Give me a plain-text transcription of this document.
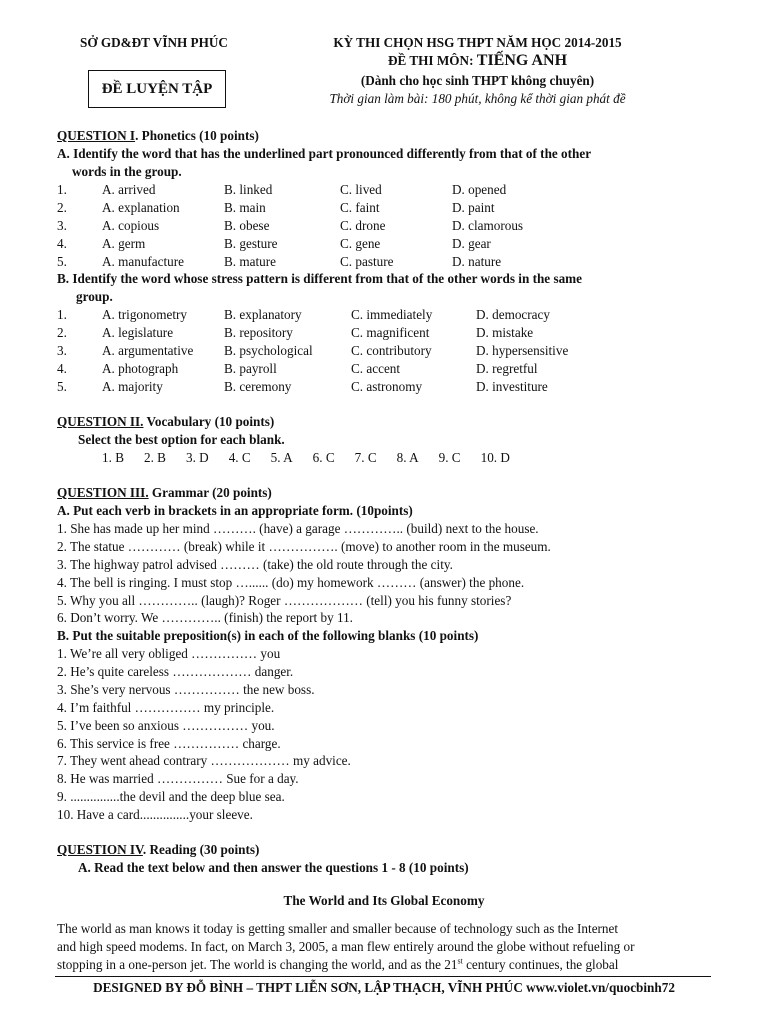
SỞ GD&ĐT VĨNH PHÚC
ĐỀ LUYỆN TẬP
KỲ THI CHỌN HSG THPT NĂM HỌC 2014-2015
ĐỀ THI MÔN: TIẾNG ANH
(Dành cho học sinh THPT không chuyên)
Thời gian làm bài: 180 phút, không kể thời gian phát đề
QUESTION I. Phonetics (10 points)
A. Identify the word that has the underlined part pronounced differently from that of the other
words in the group.
1.	A. arrived	B. linked	C. lived	D. opened
2.	A. explanation	B. main	C. faint	D. paint
3.	A. copious	B. obese	C. drone	D. clamorous
4.	A. germ	B. gesture	C. gene	D. gear
5.	A. manufacture	B. mature	C. pasture	D. nature
B. Identify the word whose stress pattern is different from that of the other words in the same
group.
1.	A. trigonometry	B. explanatory	C. immediately	D. democracy
2.	A. legislature	B. repository	C. magnificent	D. mistake
3.	A. argumentative B. psychological	C. contributory	D. hypersensitive
4.	A. photograph	B. payroll	C. accent	D. regretful
5.	A. majority	B. ceremony	C. astronomy	D. investiture
QUESTION II. Vocabulary (10 points)
Select the best option for each blank.
1. B 2. B 3. D 4. C 5. A 6. C 7. C 8. A 9. C 10. D
QUESTION III. Grammar (20 points)
A. Put each verb in brackets in an appropriate form. (10points)
1. She has made up her mind ………. (have) a garage ………….. (build) next to the house.
2. The statue ………… (break) while it ……………. (move) to another room in the museum.
3. The highway patrol advised ……… (take) the old route through the city.
4. The bell is ringing. I must stop …...... (do) my homework ……… (answer) the phone.
5. Why you all ………….. (laugh)? Roger ……………… (tell) you his funny stories?
6. Don’t worry. We ………….. (finish) the report by 11.
B. Put the suitable preposition(s) in each of the following blanks (10 points)
1. We’re all very obliged …………… you
2. He’s quite careless ……………… danger.
3. She’s very nervous …………… the new boss.
4. I’m faithful …………… my principle.
5. I’ve been so anxious …………… you.
6. This service is free …………… charge.
7. They went ahead contrary ……………… my advice.
8. He was married …………… Sue for a day.
9. ...............the devil and the deep blue sea.
10. Have a card...............your sleeve.
QUESTION IV. Reading (30 points)
A. Read the text below and then answer the questions 1 - 8 (10 points)
The World and Its Global Economy
The world as man knows it today is getting smaller and smaller because of technology such as the Internet
and high speed modems. In fact, on March 3, 2005, a man flew entirely around the globe without refueling or
stopping in a one-person jet. The world is changing the world, and as the 21st century continues, the global
DESIGNED BY ĐỖ BÌNH – THPT LIỄN SƠN, LẬP THẠCH, VĨNH PHÚC www.violet.vn/quocbinh72
